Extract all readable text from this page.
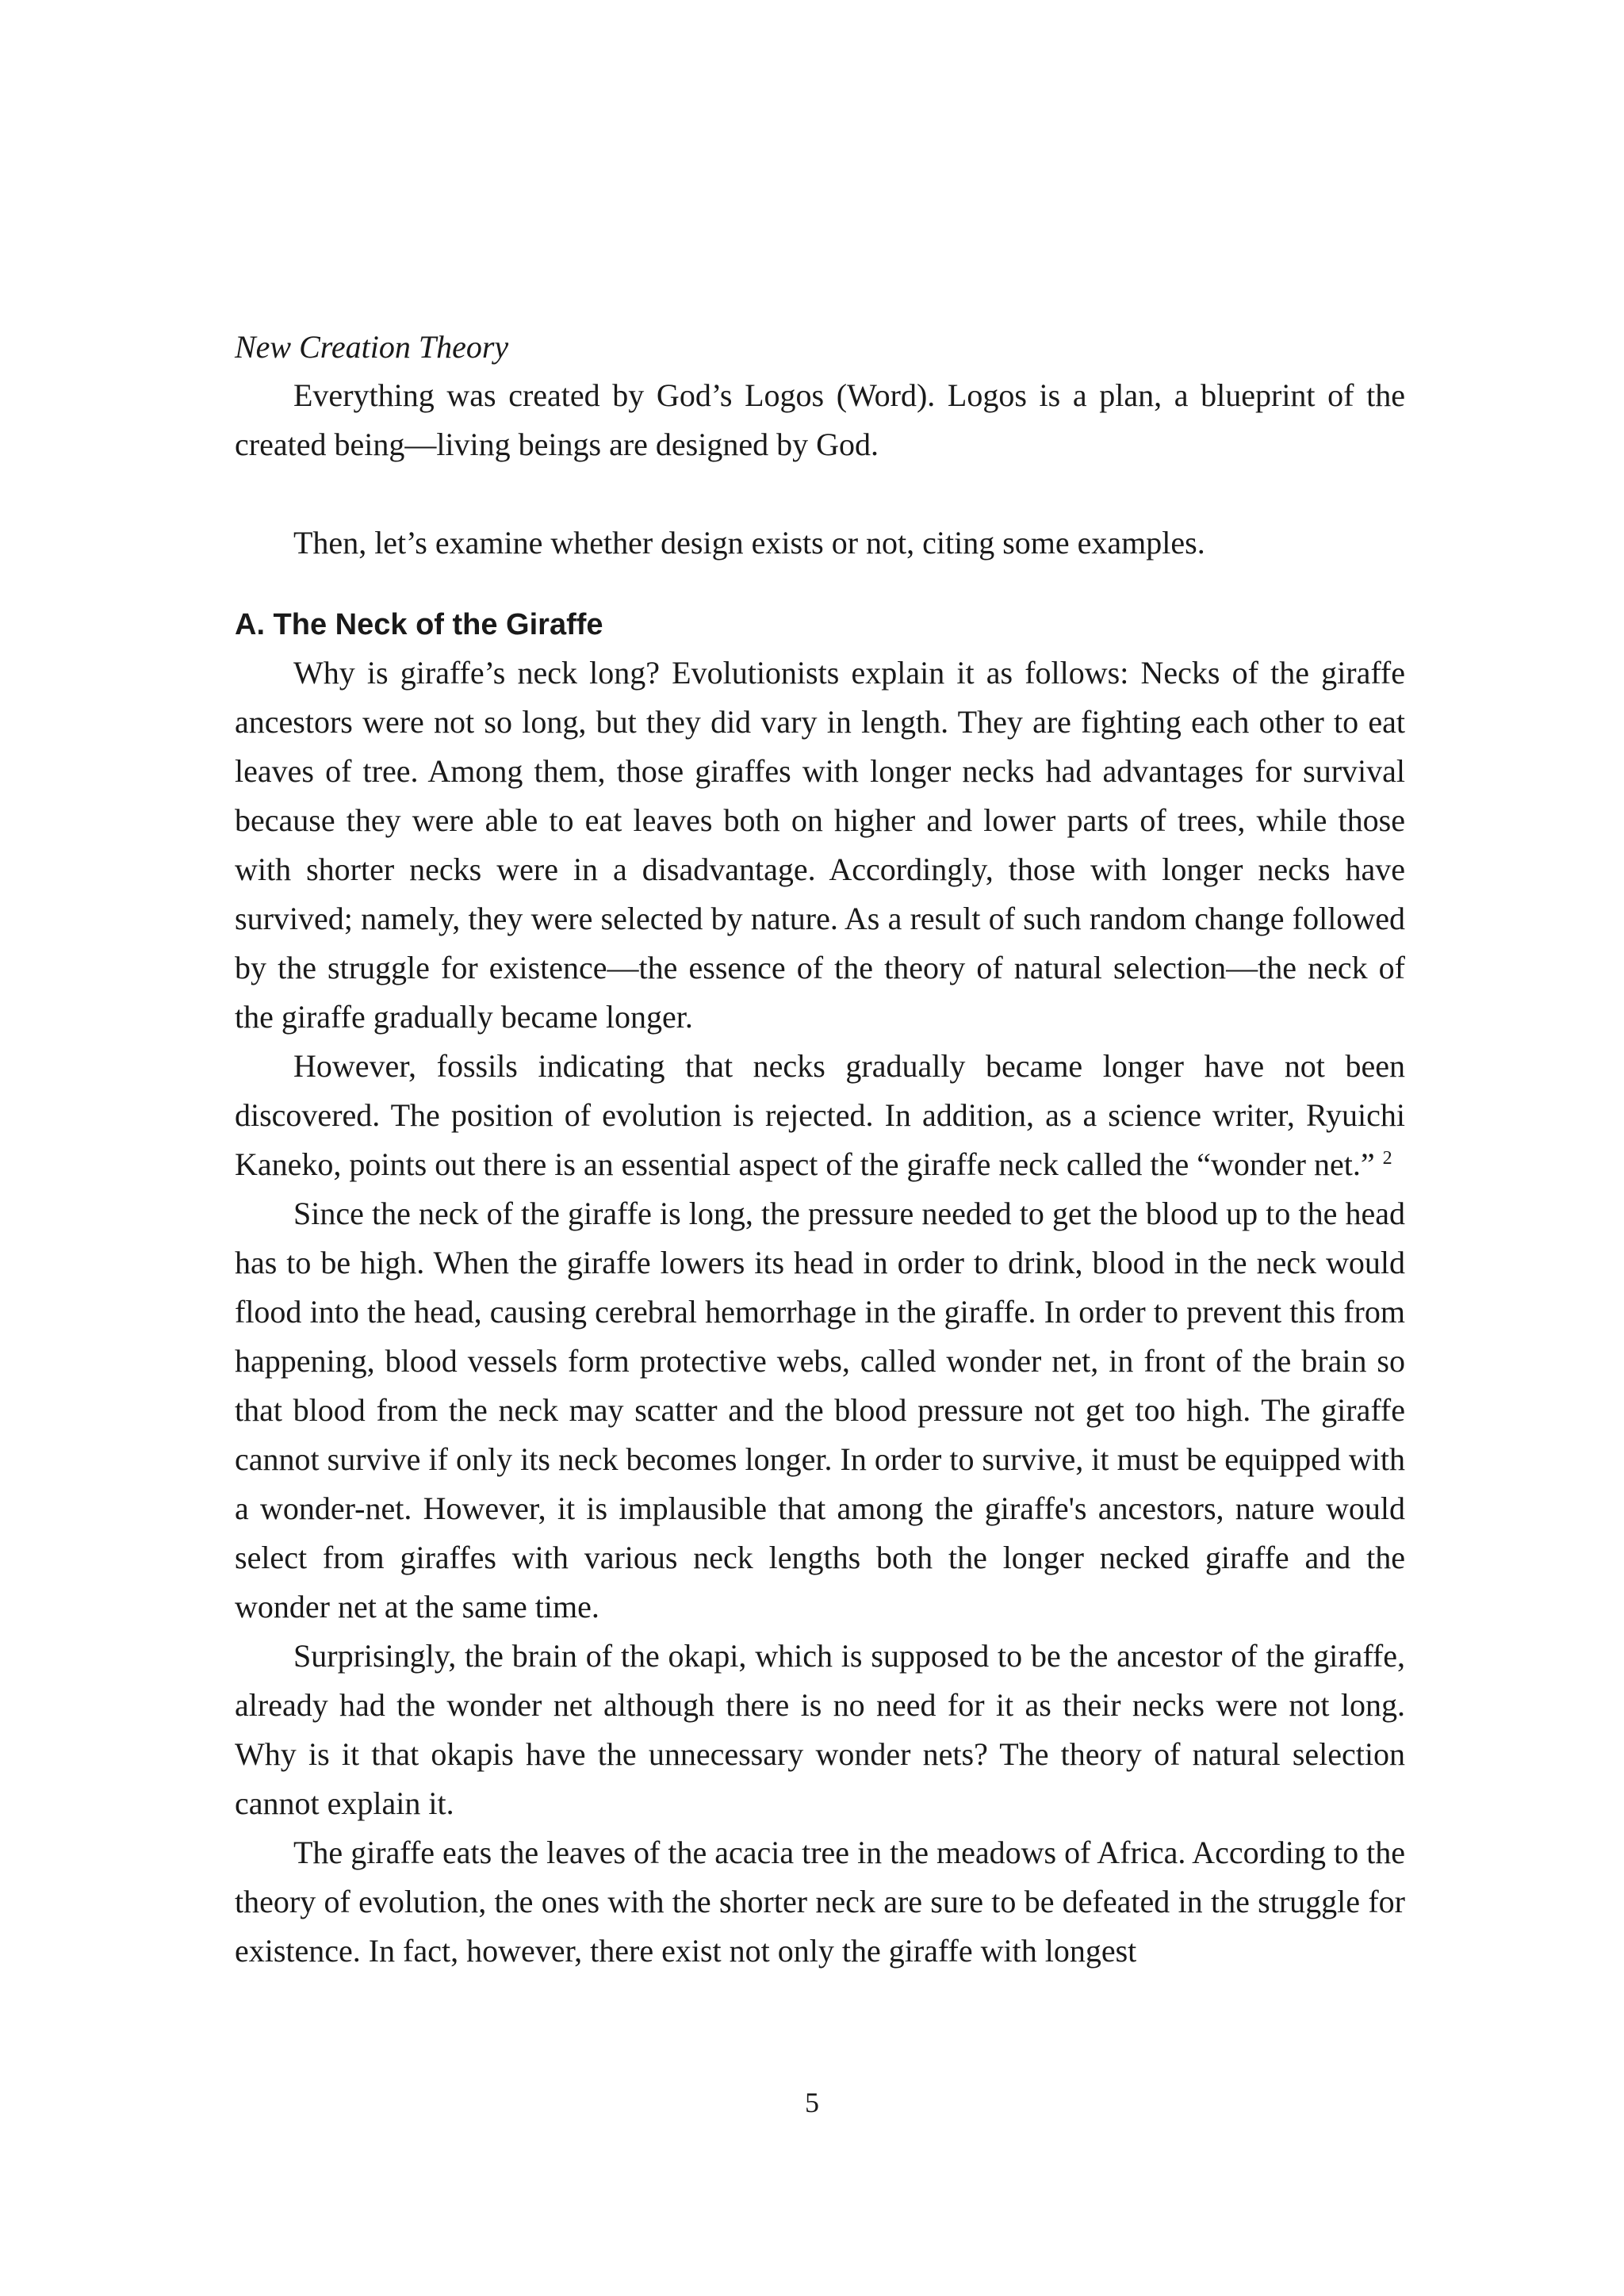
New Creation Theory

Everything was created by God’s Logos (Word). Logos is a plan, a blueprint of the created being—living beings are designed by God.

Then, let’s examine whether design exists or not, citing some examples.

A. The Neck of the Giraffe

Why is giraffe’s neck long? Evolutionists explain it as follows: Necks of the giraffe ancestors were not so long, but they did vary in length. They are fighting each other to eat leaves of tree. Among them, those giraffes with longer necks had advantages for survival because they were able to eat leaves both on higher and lower parts of trees, while those with shorter necks were in a disadvantage. Accordingly, those with longer necks have survived; namely, they were selected by nature. As a result of such random change followed by the struggle for existence—the essence of the theory of natural selection—the neck of the giraffe gradually became longer.

However, fossils indicating that necks gradually became longer have not been discovered. The position of evolution is rejected. In addition, as a science writer, Ryuichi Kaneko, points out there is an essential aspect of the giraffe neck called the “wonder net.” $^2$

Since the neck of the giraffe is long, the pressure needed to get the blood up to the head has to be high. When the giraffe lowers its head in order to drink, blood in the neck would flood into the head, causing cerebral hemorrhage in the giraffe. In order to prevent this from happening, blood vessels form protective webs, called wonder net, in front of the brain so that blood from the neck may scatter and the blood pressure not get too high. The giraffe cannot survive if only its neck becomes longer. In order to survive, it must be equipped with a wonder-net. However, it is implausible that among the giraffe's ancestors, nature would select from giraffes with various neck lengths both the longer necked giraffe and the wonder net at the same time.

Surprisingly, the brain of the okapi, which is supposed to be the ancestor of the giraffe, already had the wonder net although there is no need for it as their necks were not long. Why is it that okapis have the unnecessary wonder nets? The theory of natural selection cannot explain it.

The giraffe eats the leaves of the acacia tree in the meadows of Africa. According to the theory of evolution, the ones with the shorter neck are sure to be defeated in the struggle for existence. In fact, however, there exist not only the giraffe with longest

5
